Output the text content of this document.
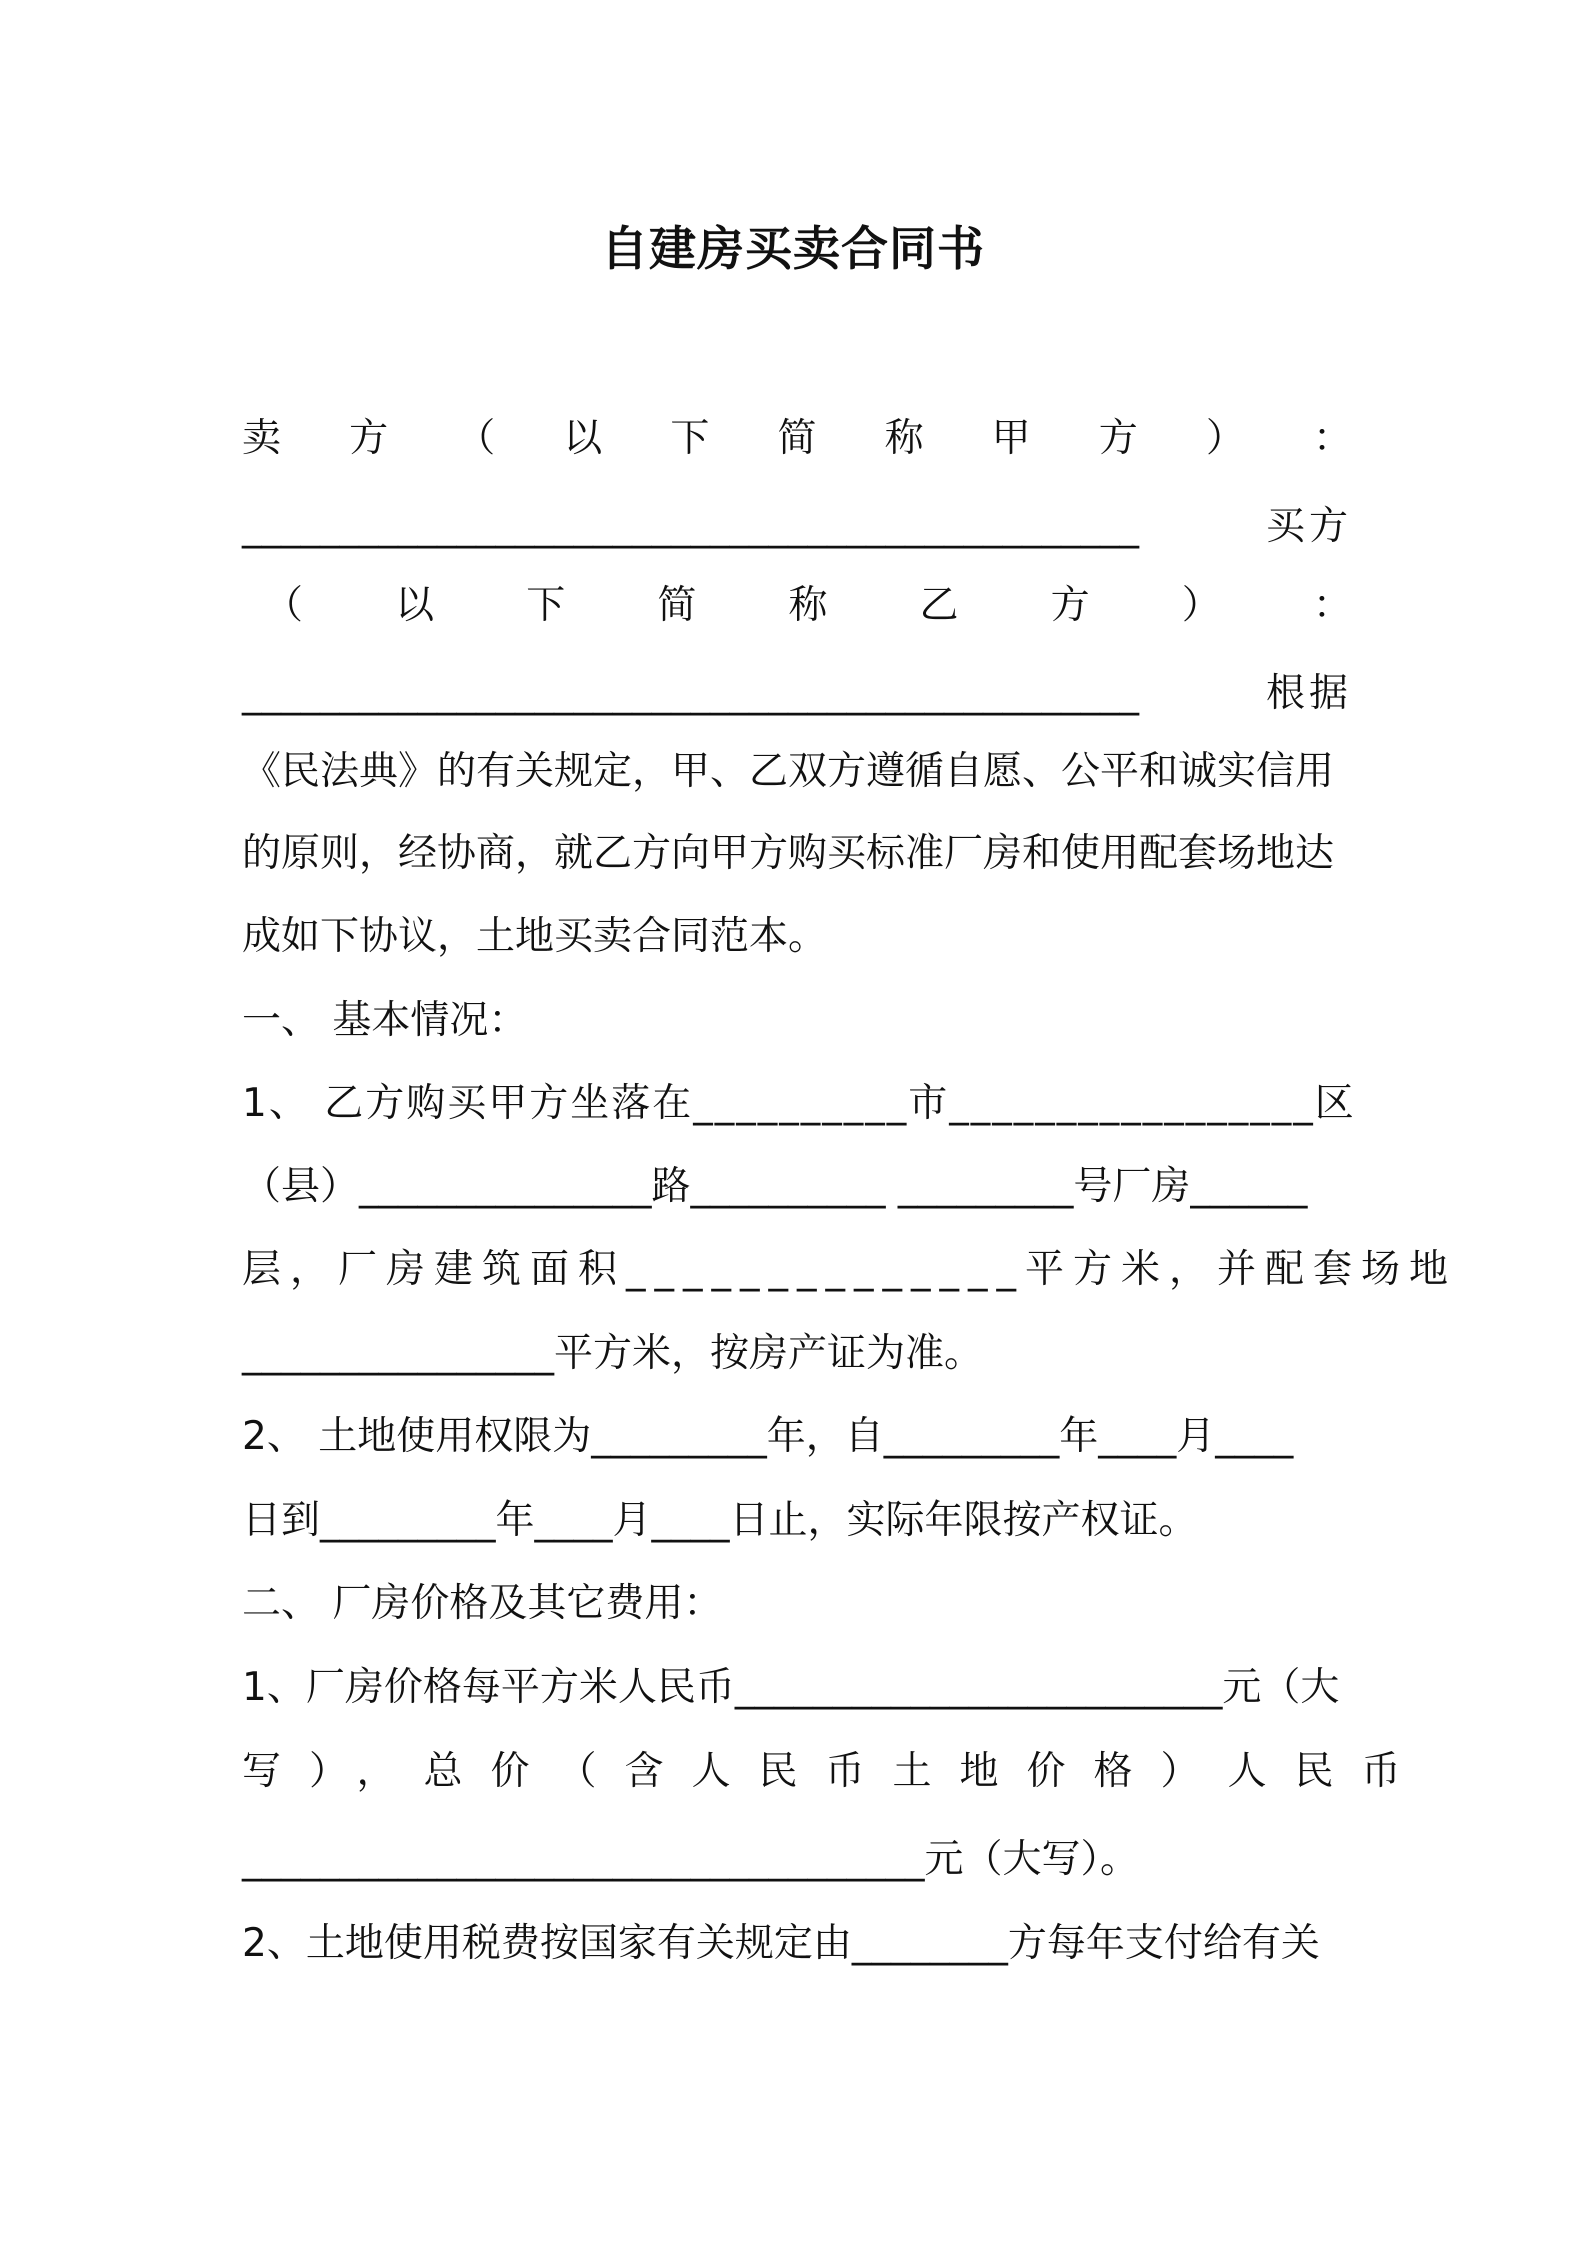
自建房买卖合同书
卖 方 （ 以 下 简 称 甲 方 ） ：
______________________________________________	买方
（ 以 下 简 称 乙 方 ） ：
______________________________________________	根据
《民法典》的有关规定，甲、乙双方遵循自愿、公平和诚实信用
的原则，经协商，就乙方向甲方购买标准厂房和使用配套场地达
成如下协议，土地买卖合同范本。
一、 基本情况：
1、 乙方购买甲方坐落在__________市_________________区
（县）_______________路__________ _________号厂房______
层，厂房建筑面积______________平方米，并配套场地
________________平方米，按房产证为准。
2、 土地使用权限为_________年，自_________年____月____
日到_________年____月____日止，实际年限按产权证。
二、 厂房价格及其它费用：
1、厂房价格每平方米人民币_________________________元（大
写），总价（含人民币土地价格）人民币
___________________________________元（大写）。
2、土地使用税费按国家有关规定由________方每年支付给有关
